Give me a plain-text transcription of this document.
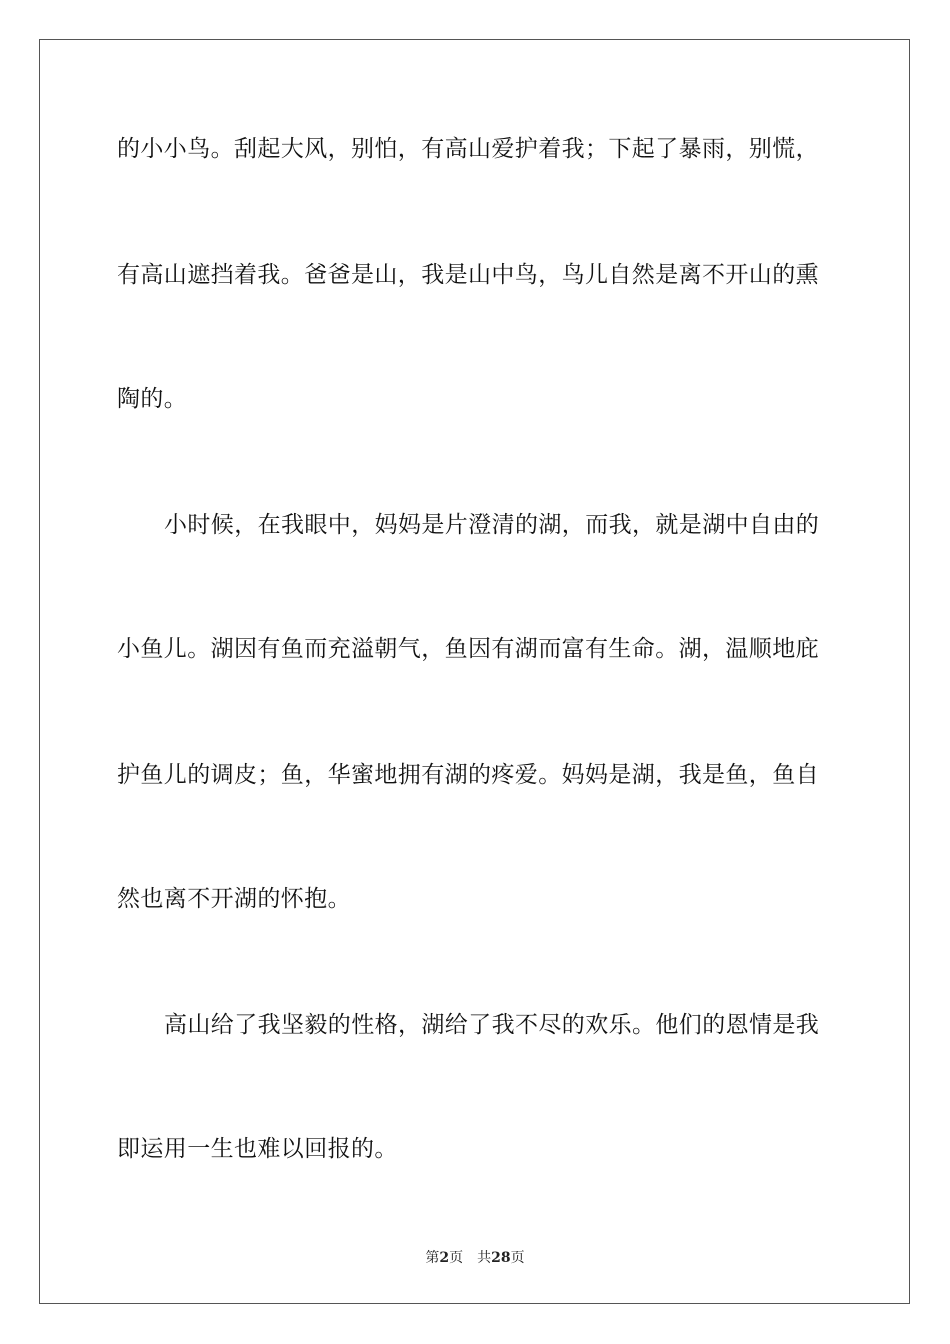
的小小鸟。刮起大风，别怕，有高山爱护着我；下起了暴雨，别慌，
有高山遮挡着我。爸爸是山，我是山中鸟，鸟儿自然是离不开山的熏
陶的。
小时候，在我眼中，妈妈是片澄清的湖，而我，就是湖中自由的
小鱼儿。湖因有鱼而充溢朝气，鱼因有湖而富有生命。湖，温顺地庇
护鱼儿的调皮；鱼，华蜜地拥有湖的疼爱。妈妈是湖，我是鱼，鱼自
然也离不开湖的怀抱。
高山给了我坚毅的性格，湖给了我不尽的欢乐。他们的恩情是我
即运用一生也难以回报的。
第2页 共28页
